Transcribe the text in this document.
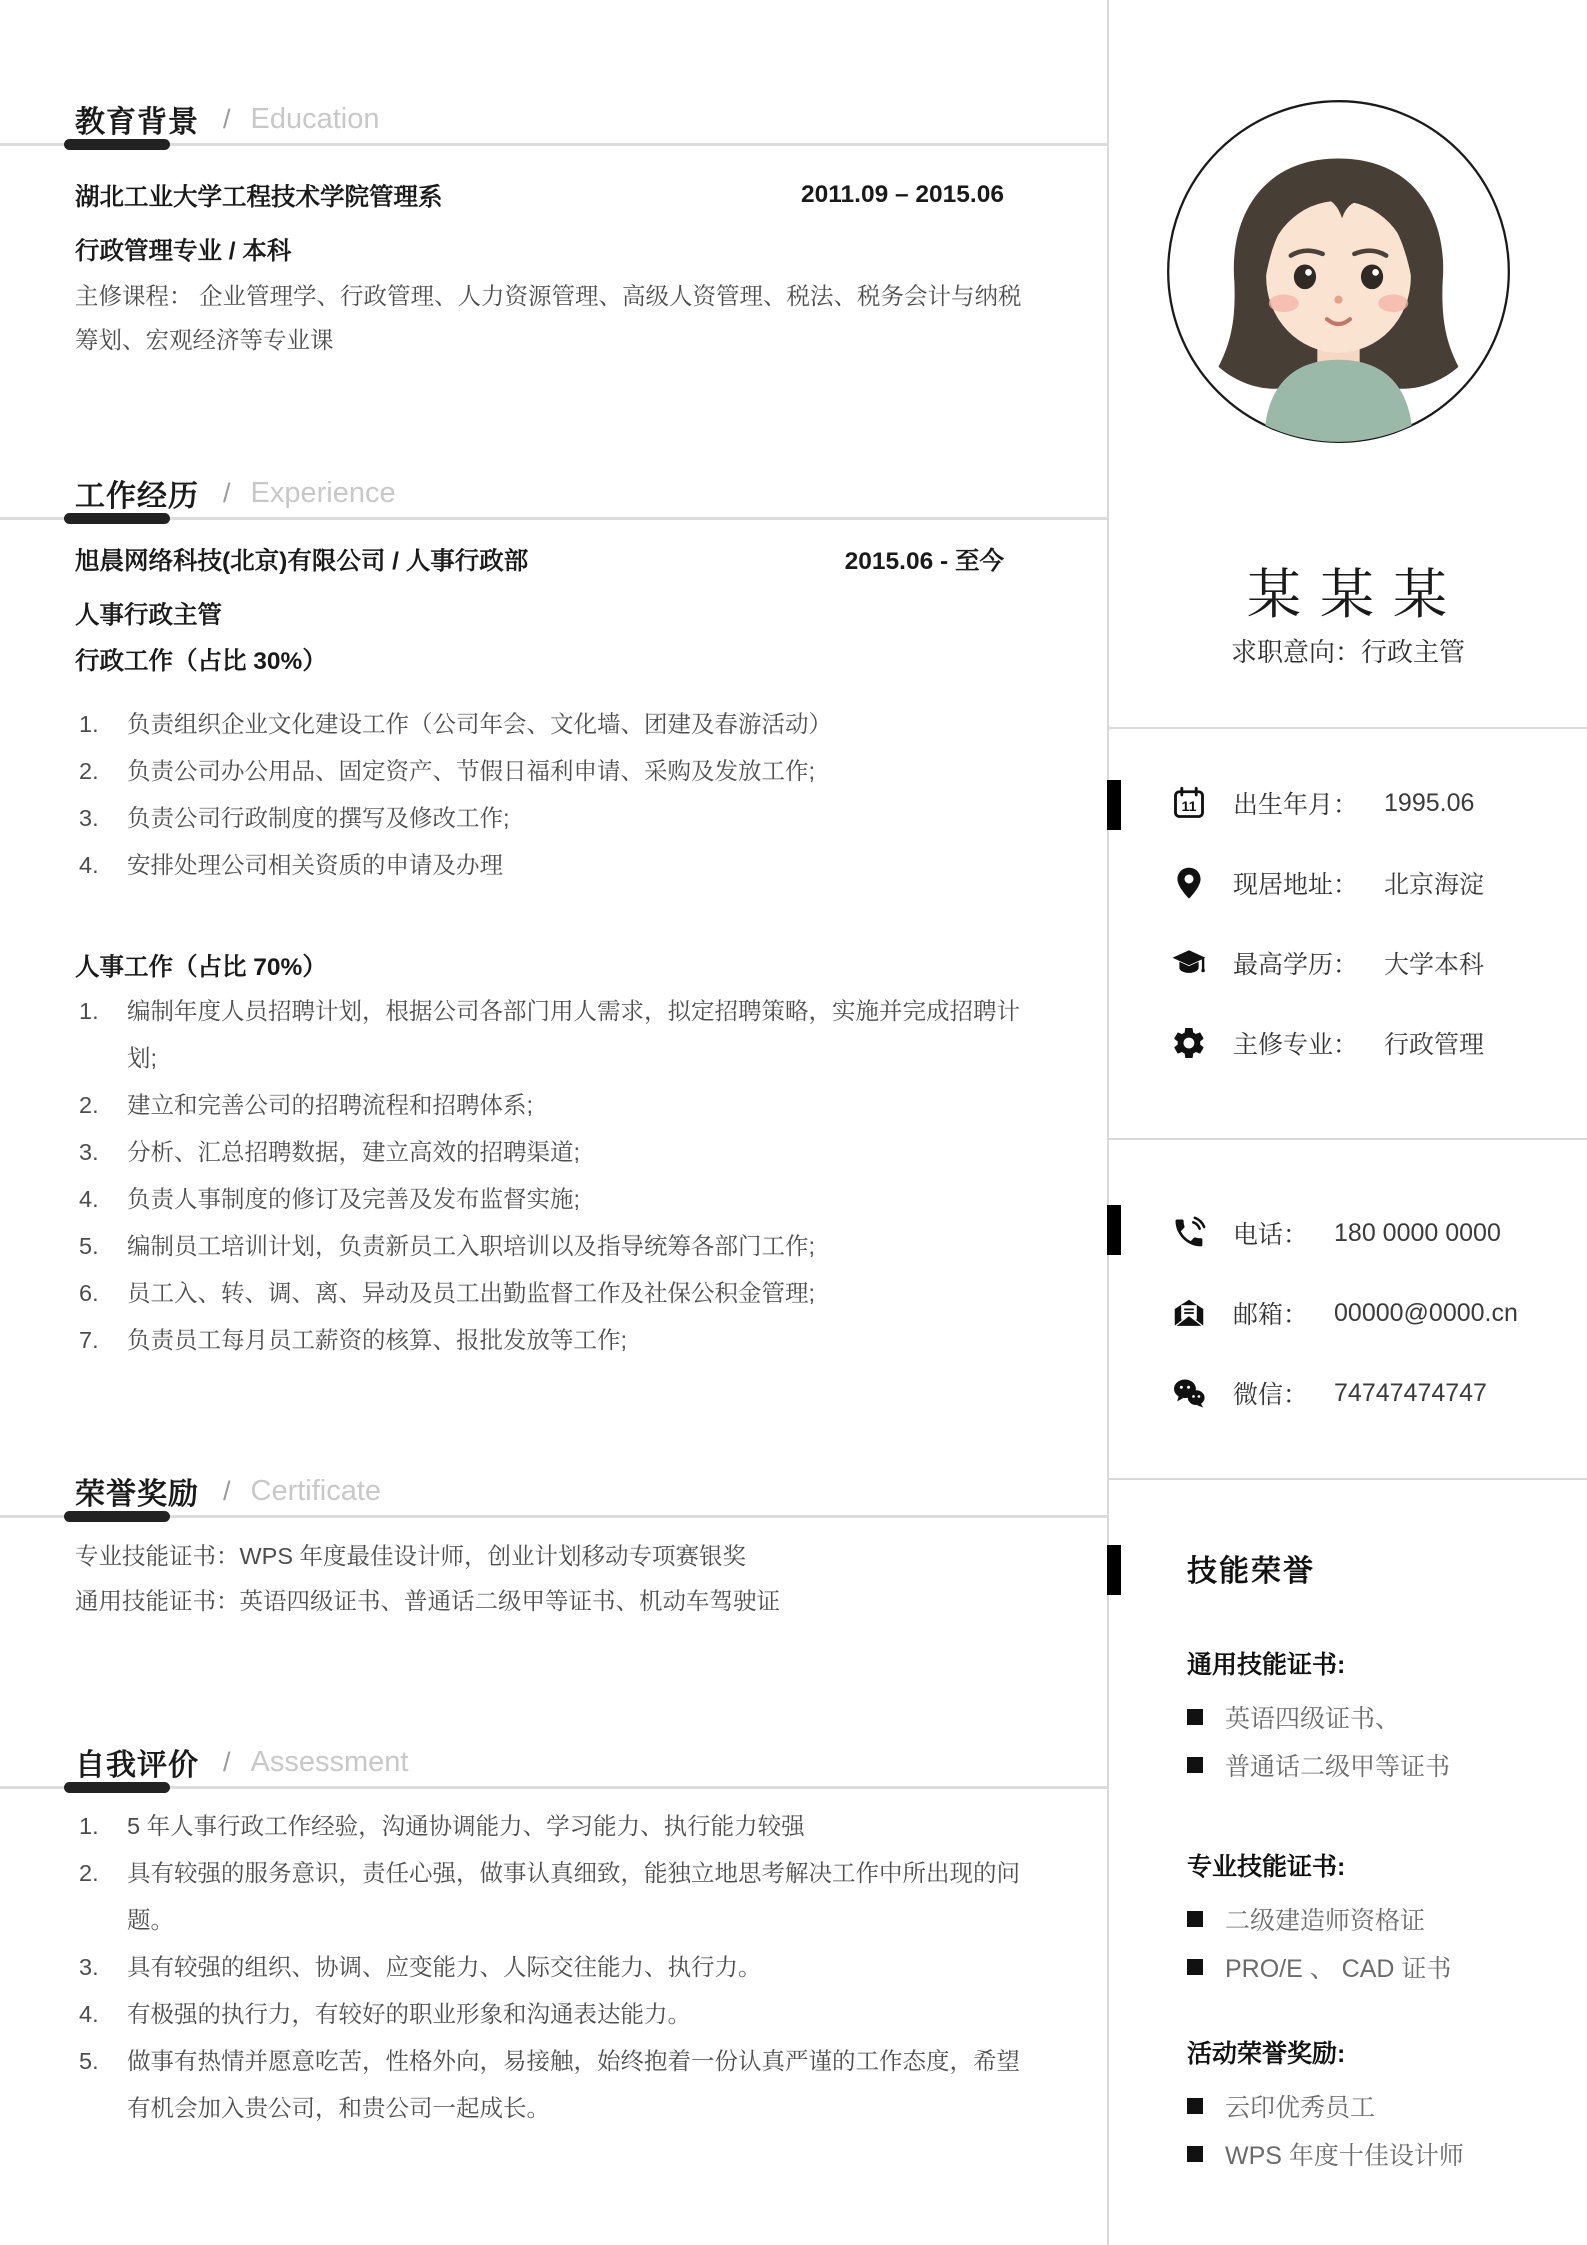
教育背景 / Education
湖北工业大学工程技术学院管理系	2011.09 – 2015.06
行政管理专业 / 本科

主修课程： 企业管理学、行政管理、人力资源管理、高级人资管理、税法、税务会计与纳税筹划、宏观经济等专业课

工作经历 / Experience
旭晨网络科技(北京)有限公司 / 人事行政部	2015.06 - 至今
人事行政主管
行政工作（占比 30%）
负责组织企业文化建设工作（公司年会、文化墙、团建及春游活动）
负责公司办公用品、固定资产、节假日福利申请、采购及发放工作;
负责公司行政制度的撰写及修改工作;
安排处理公司相关资质的申请及办理
人事工作（占比 70%）
编制年度人员招聘计划，根据公司各部门用人需求，拟定招聘策略，实施并完成招聘计划;
建立和完善公司的招聘流程和招聘体系;
分析、汇总招聘数据，建立高效的招聘渠道;
负责人事制度的修订及完善及发布监督实施;
编制员工培训计划，负责新员工入职培训以及指导统筹各部门工作;
员工入、转、调、离、异动及员工出勤监督工作及社保公积金管理;
负责员工每月员工薪资的核算、报批发放等工作;
荣誉奖励 / Certificate

专业技能证书：WPS 年度最佳设计师，创业计划移动专项赛银奖

通用技能证书：英语四级证书、普通话二级甲等证书、机动车驾驶证

自我评价 / Assessment
5 年人事行政工作经验，沟通协调能力、学习能力、执行能力较强
具有较强的服务意识，责任心强，做事认真细致，能独立地思考解决工作中所出现的问题。
具有较强的组织、协调、应变能力、人际交往能力、执行力。
有极强的执行力，有较好的职业形象和沟通表达能力。
做事有热情并愿意吃苦，性格外向，易接触，始终抱着一份认真严谨的工作态度，希望有机会加入贵公司，和贵公司一起成长。
某 某 某
求职意向：行政主管
11 出生年月： 1995.06
现居地址： 北京海淀
最高学历： 大学本科
主修专业： 行政管理
电话： 180 0000 0000
邮箱： 00000@0000.cn
微信： 74747474747
技能荣誉
通用技能证书:
英语四级证书、
普通话二级甲等证书
专业技能证书:
二级建造师资格证
PRO/E 、 CAD 证书
活动荣誉奖励:
云印优秀员工
WPS 年度十佳设计师
